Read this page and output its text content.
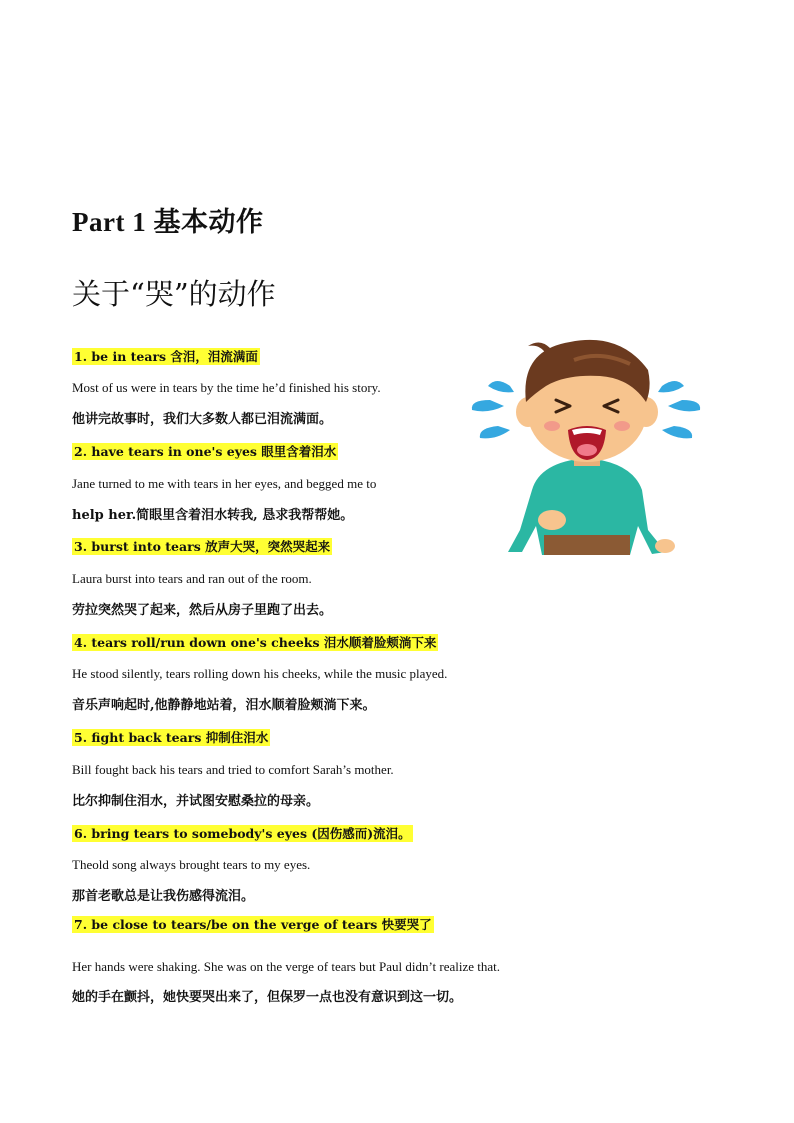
Part 1 基本动作
关于“哭”的动作
1. be in tears 含泪，泪流满面
Most of us were in tears by the time he’d finished his story.
他讲完故事时，我们大多数人都已泪流满面。
2. have tears in one's eyes 眼里含着泪水
Jane turned to me with tears in her eyes, and begged me to
help her.简眼里含着泪水转我, 恳求我帮帮她。
3. burst into tears 放声大哭，突然哭起来
Laura burst into tears and ran out of the room.
劳拉突然哭了起来，然后从房子里跑了出去。
4. tears roll/run down one's cheeks 泪水顺着脸颊淌下来
He stood silently, tears rolling down his cheeks, while the music played.
音乐声响起时,他静静地站着，泪水顺着脸颊淌下来。
5. fight back tears 抑制住泪水
Bill fought back his tears and tried to comfort Sarah’s mother.
比尔抑制住泪水，并试图安慰桑拉的母亲。
6. bring tears to somebody's eyes (因伤感而)流泪。
Theold song always brought tears to my eyes.
那首老歌总是让我伤感得流泪。
7. be close to tears/be on the verge of tears 快要哭了
Her hands were shaking. She was on the verge of tears but Paul didn’t realize that.
她的手在颤抖，她快要哭出来了，但保罗一点也没有意识到这一切。
